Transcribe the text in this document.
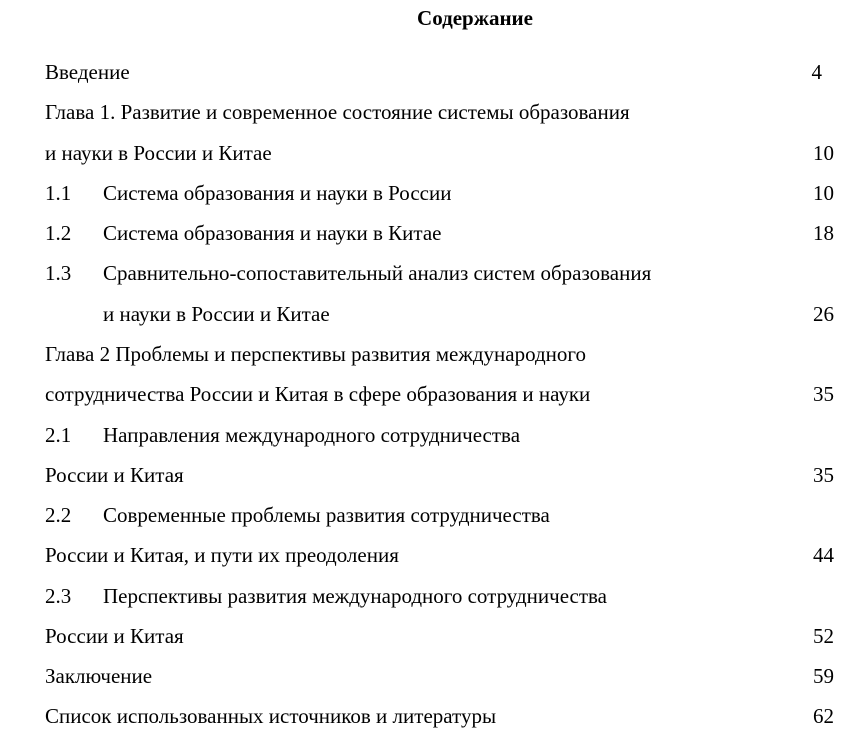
Содержание
Введение	4
Глава 1. Развитие и современное состояние системы образования
и науки в России и Китае	10
1.1 Система образования и науки в России	10
1.2 Система образования и науки в Китае	18
1.3 Сравнительно-сопоставительный анализ систем образования
и науки в России и Китае	26
Глава 2 Проблемы и перспективы развития международного
сотрудничества России и Китая в сфере образования и науки	35
2.1 Направления международного сотрудничества
России и Китая	35
2.2 Современные проблемы развития сотрудничества
России и Китая, и пути их преодоления	44
2.3 Перспективы развития международного сотрудничества
России и Китая	52
Заключение	59
Список использованных источников и литературы	62
